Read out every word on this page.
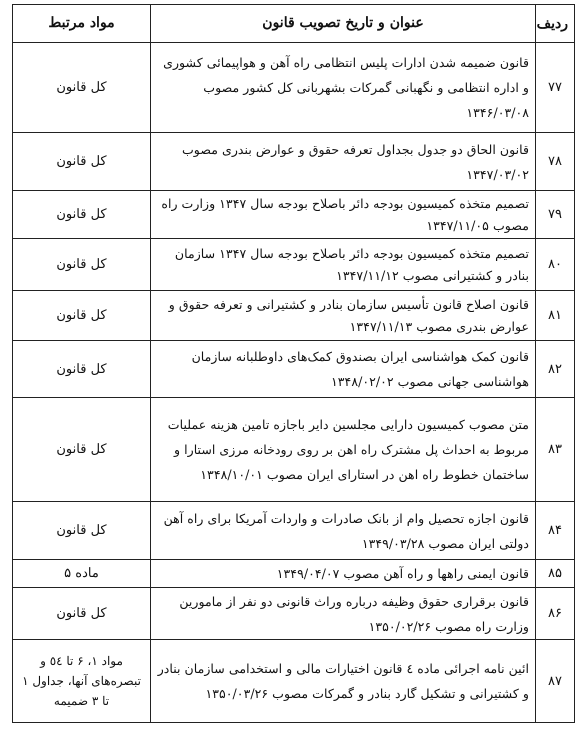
ردیف	عنوان و تاریخ تصویب قانون	مواد مرتبط
۷۷	قانون ضمیمه شدن ادارات پلیس انتظامی راه آهن و هواپیمائی کشوری و اداره انتظامی و نگهبانی گمرکات بشهربانی کل کشور مصوب ۱۳۴۶/۰۳/۰۸	کل قانون
۷۸	قانون الحاق دو جدول بجداول تعرفه حقوق و عوارض بندری مصوب ۱۳۴۷/۰۳/۰۲	کل قانون
۷۹	تصمیم متخذه کمیسیون بودجه دائر باصلاح بودجه سال ۱۳۴۷ وزارت راه مصوب ۱۳۴۷/۱۱/۰۵	کل قانون
۸۰	تصمیم متخذه کمیسیون بودجه دائر باصلاح بودجه سال ۱۳۴۷ سازمان بنادر و کشتیرانی مصوب ۱۳۴۷/۱۱/۱۲	کل قانون
۸۱	قانون اصلاح قانون تأسیس سازمان بنادر و کشتیرانی و تعرفه حقوق و عوارض بندری مصوب ۱۳۴۷/۱۱/۱۳	کل قانون
۸۲	قانون کمک هواشناسی ایران بصندوق کمک‌های داوطلبانه سازمان هواشناسی جهانی مصوب ۱۳۴۸/۰۲/۰۲	کل قانون
۸۳	متن مصوب کمیسیون دارایی مجلسین دایر باجازه تامین هزینه عملیات مربوط به احداث پل مشترک راه اهن بر روی رودخانه مرزی استارا و ساختمان خطوط راه اهن در استارای ایران مصوب ۱۳۴۸/۱۰/۰۱	کل قانون
۸۴	قانون اجازه تحصیل وام از بانک صادرات و واردات آمریکا برای راه آهن دولتی ایران مصوب ۱۳۴۹/۰۳/۲۸	کل قانون
۸۵	قانون ایمنی راهها و راه آهن مصوب ۱۳۴۹/۰۴/۰۷	ماده ۵
۸۶	قانون برقراری حقوق وظیفه درباره وراث قانونی دو نفر از مامورین وزارت راه مصوب ۱۳۵۰/۰۲/۲۶	کل قانون
۸۷	ائین نامه اجرائی ماده ٤ قانون اختیارات مالی و استخدامی سازمان بنادر و کشتیرانی و تشکیل گارد بنادر و گمرکات مصوب ۱۳۵۰/۰۳/۲۶	مواد ۱، ۶ تا ٥٤ و تبصره‌های آنها، جداول ۱ تا ۳ ضمیمه
